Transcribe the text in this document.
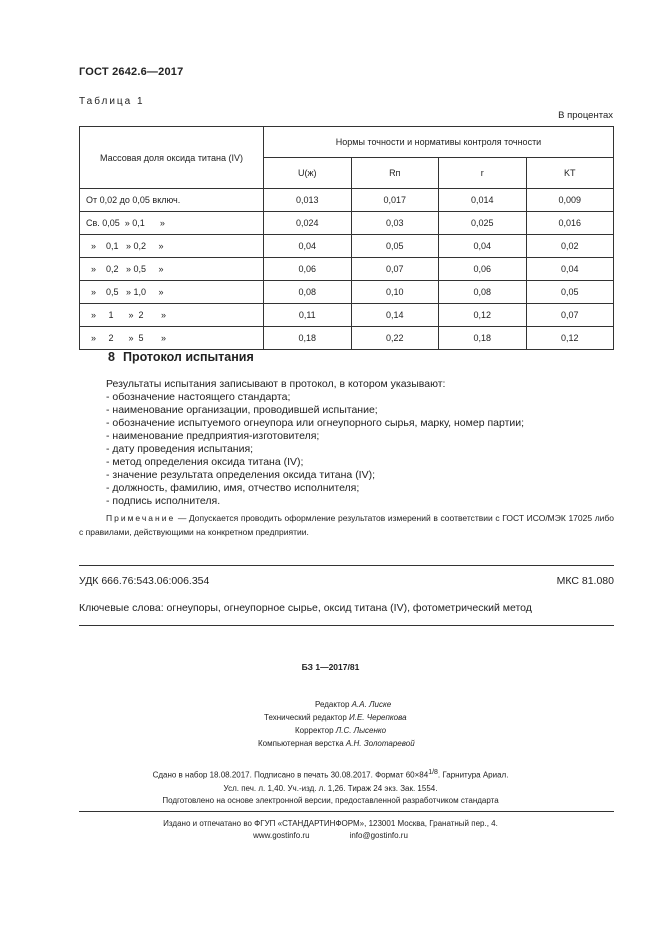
ГОСТ 2642.6—2017
Таблица 1
В процентах
Массовая доля оксида титана (IV)	Нормы точности и нормативы контроля точности			
	U(ж)	Rп	r	KT
От 0,02 до 0,05 включ.	0,013	0,017	0,014	0,009
Св. 0,05  » 0,1      »	0,024	0,03	0,025	0,016
»    0,1   » 0,2     »	0,04	0,05	0,04	0,02
»    0,2   » 0,5     »	0,06	0,07	0,06	0,04
»    0,5   » 1,0     »	0,08	0,10	0,08	0,05
»     1      »  2       »	0,11	0,14	0,12	0,07
»     2      »  5       »	0,18	0,22	0,18	0,12
8 Протокол испытания
Результаты испытания записывают в протокол, в котором указывают:
- обозначение настоящего стандарта;
- наименование организации, проводившей испытание;
- обозначение испытуемого огнеупора или огнеупорного сырья, марку, номер партии;
- наименование предприятия-изготовителя;
- дату проведения испытания;
- метод определения оксида титана (IV);
- значение результата определения оксида титана (IV);
- должность, фамилию, имя, отчество исполнителя;
- подпись исполнителя.
Примечание — Допускается проводить оформление результатов измерений в соответствии с ГОСТ ИСО/МЭК 17025 либо с правилами, действующими на конкретном предприятии.
УДК 666.76:543.06:006.354	МКС 81.080
Ключевые слова: огнеупоры, огнеупорное сырье, оксид титана (IV), фотометрический метод
БЗ 1—2017/81
Редактор А.А. Лиске
Технический редактор И.Е. Черепкова
Корректор Л.С. Лысенко
Компьютерная верстка А.Н. Золотаревой
Сдано в набор 18.08.2017. Подписано в печать 30.08.2017. Формат $60\times 84^{1/8}$. Гарнитура Ариал.
Усл. печ. л. 1,40. Уч.-изд. л. 1,26. Тираж 24 экз. Зак. 1554.
Подготовлено на основе электронной версии, предоставленной разработчиком стандарта
Издано и отпечатано во ФГУП «СТАНДАРТИНФОРМ», 123001 Москва, Гранатный пер., 4.
www.gostinfo.ru	info@gostinfo.ru
